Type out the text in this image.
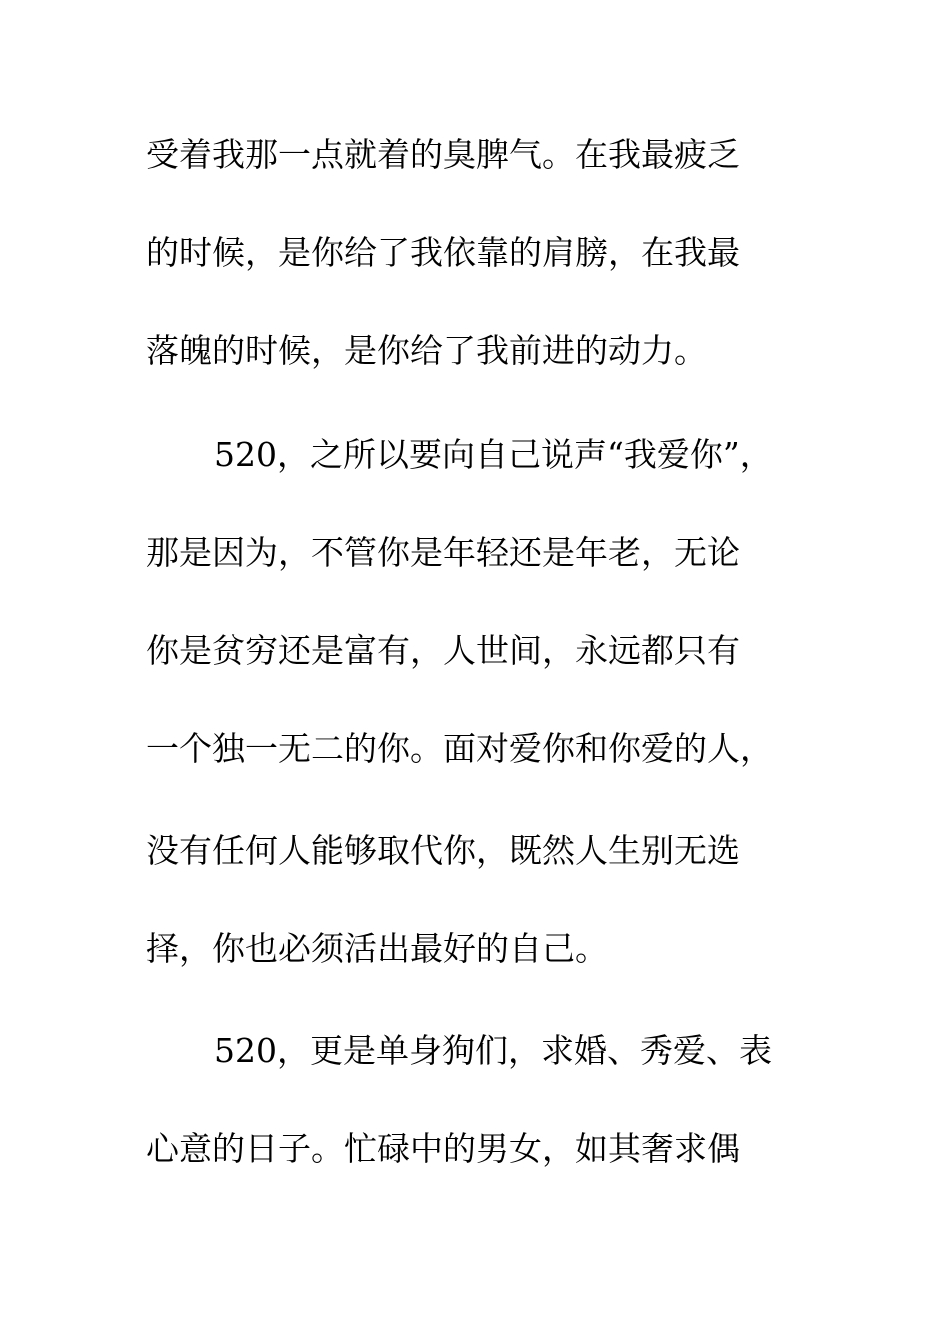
受着我那一点就着的臭脾气。在我最疲乏
的时候，是你给了我依靠的肩膀，在我最
落魄的时候，是你给了我前进的动力。
520，之所以要向自己说声“我爱你”，
那是因为，不管你是年轻还是年老，无论
你是贫穷还是富有，人世间，永远都只有
一个独一无二的你。面对爱你和你爱的人，
没有任何人能够取代你，既然人生别无选
择，你也必须活出最好的自己。
520，更是单身狗们，求婚、秀爱、表
心意的日子。忙碌中的男女，如其奢求偶
